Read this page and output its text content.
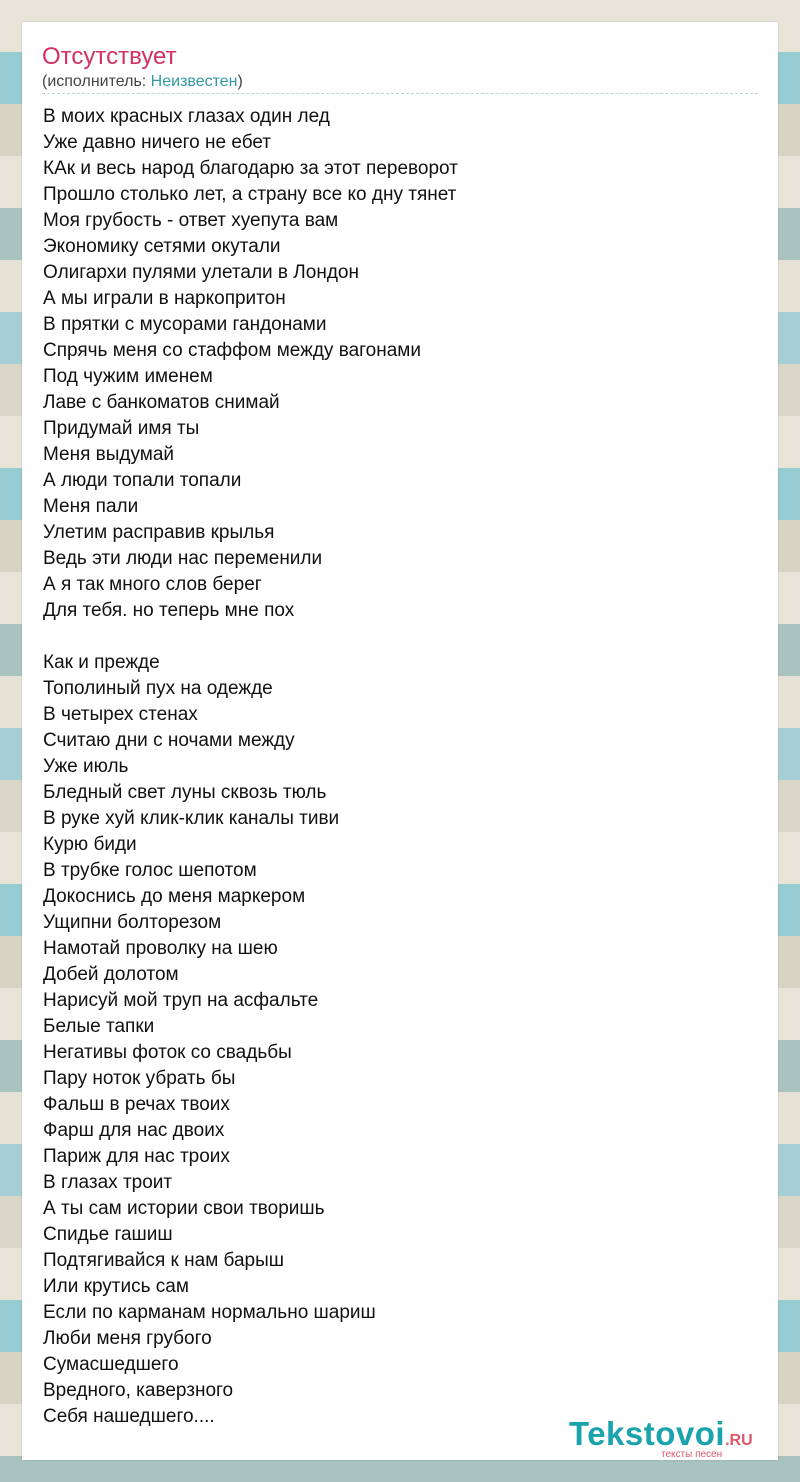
Отсутствует
(исполнитель: Неизвестен)
В моих красных глазах один лед
Уже давно ничего не ебет
КАк и весь народ благодарю за этот переворот
Прошло столько лет, а страну все ко дну тянет
Моя грубость - ответ хуепута вам
Экономику сетями окутали
Олигархи пулями улетали в Лондон
А мы играли в наркопритон
В прятки с мусорами гандонами
Спрячь меня со стаффом между вагонами
Под чужим именем
Лаве с банкоматов снимай
Придумай имя ты
Меня выдумай
А люди топали топали
Меня пали
Улетим расправив крылья
Ведь эти люди нас переменили
А я так много слов берег
Для тебя. но теперь мне пох
Как и прежде
Тополиный пух на одежде
В четырех стенах
Считаю дни с ночами между
Уже июль
Бледный свет луны сквозь тюль
В руке хуй клик-клик каналы тиви
Курю биди
В трубке голос шепотом
Докоснись до меня маркером
Ущипни болторезом
Намотай проволку на шею
Добей долотом
Нарисуй мой труп на асфальте
Белые тапки
Негативы фоток со свадьбы
Пару ноток убрать бы
Фальш в речах твоих
Фарш для нас двоих
Париж для нас троих
В глазах троит
А ты сам истории свои творишь
Спидье гашиш
Подтягивайся к нам барыш
Или крутись сам
Если по карманам нормально шариш
Люби меня грубого
Сумасшедшего
Вредного, каверзного
Себя нашедшего....	Tekstovoi.RU
тексты песен
